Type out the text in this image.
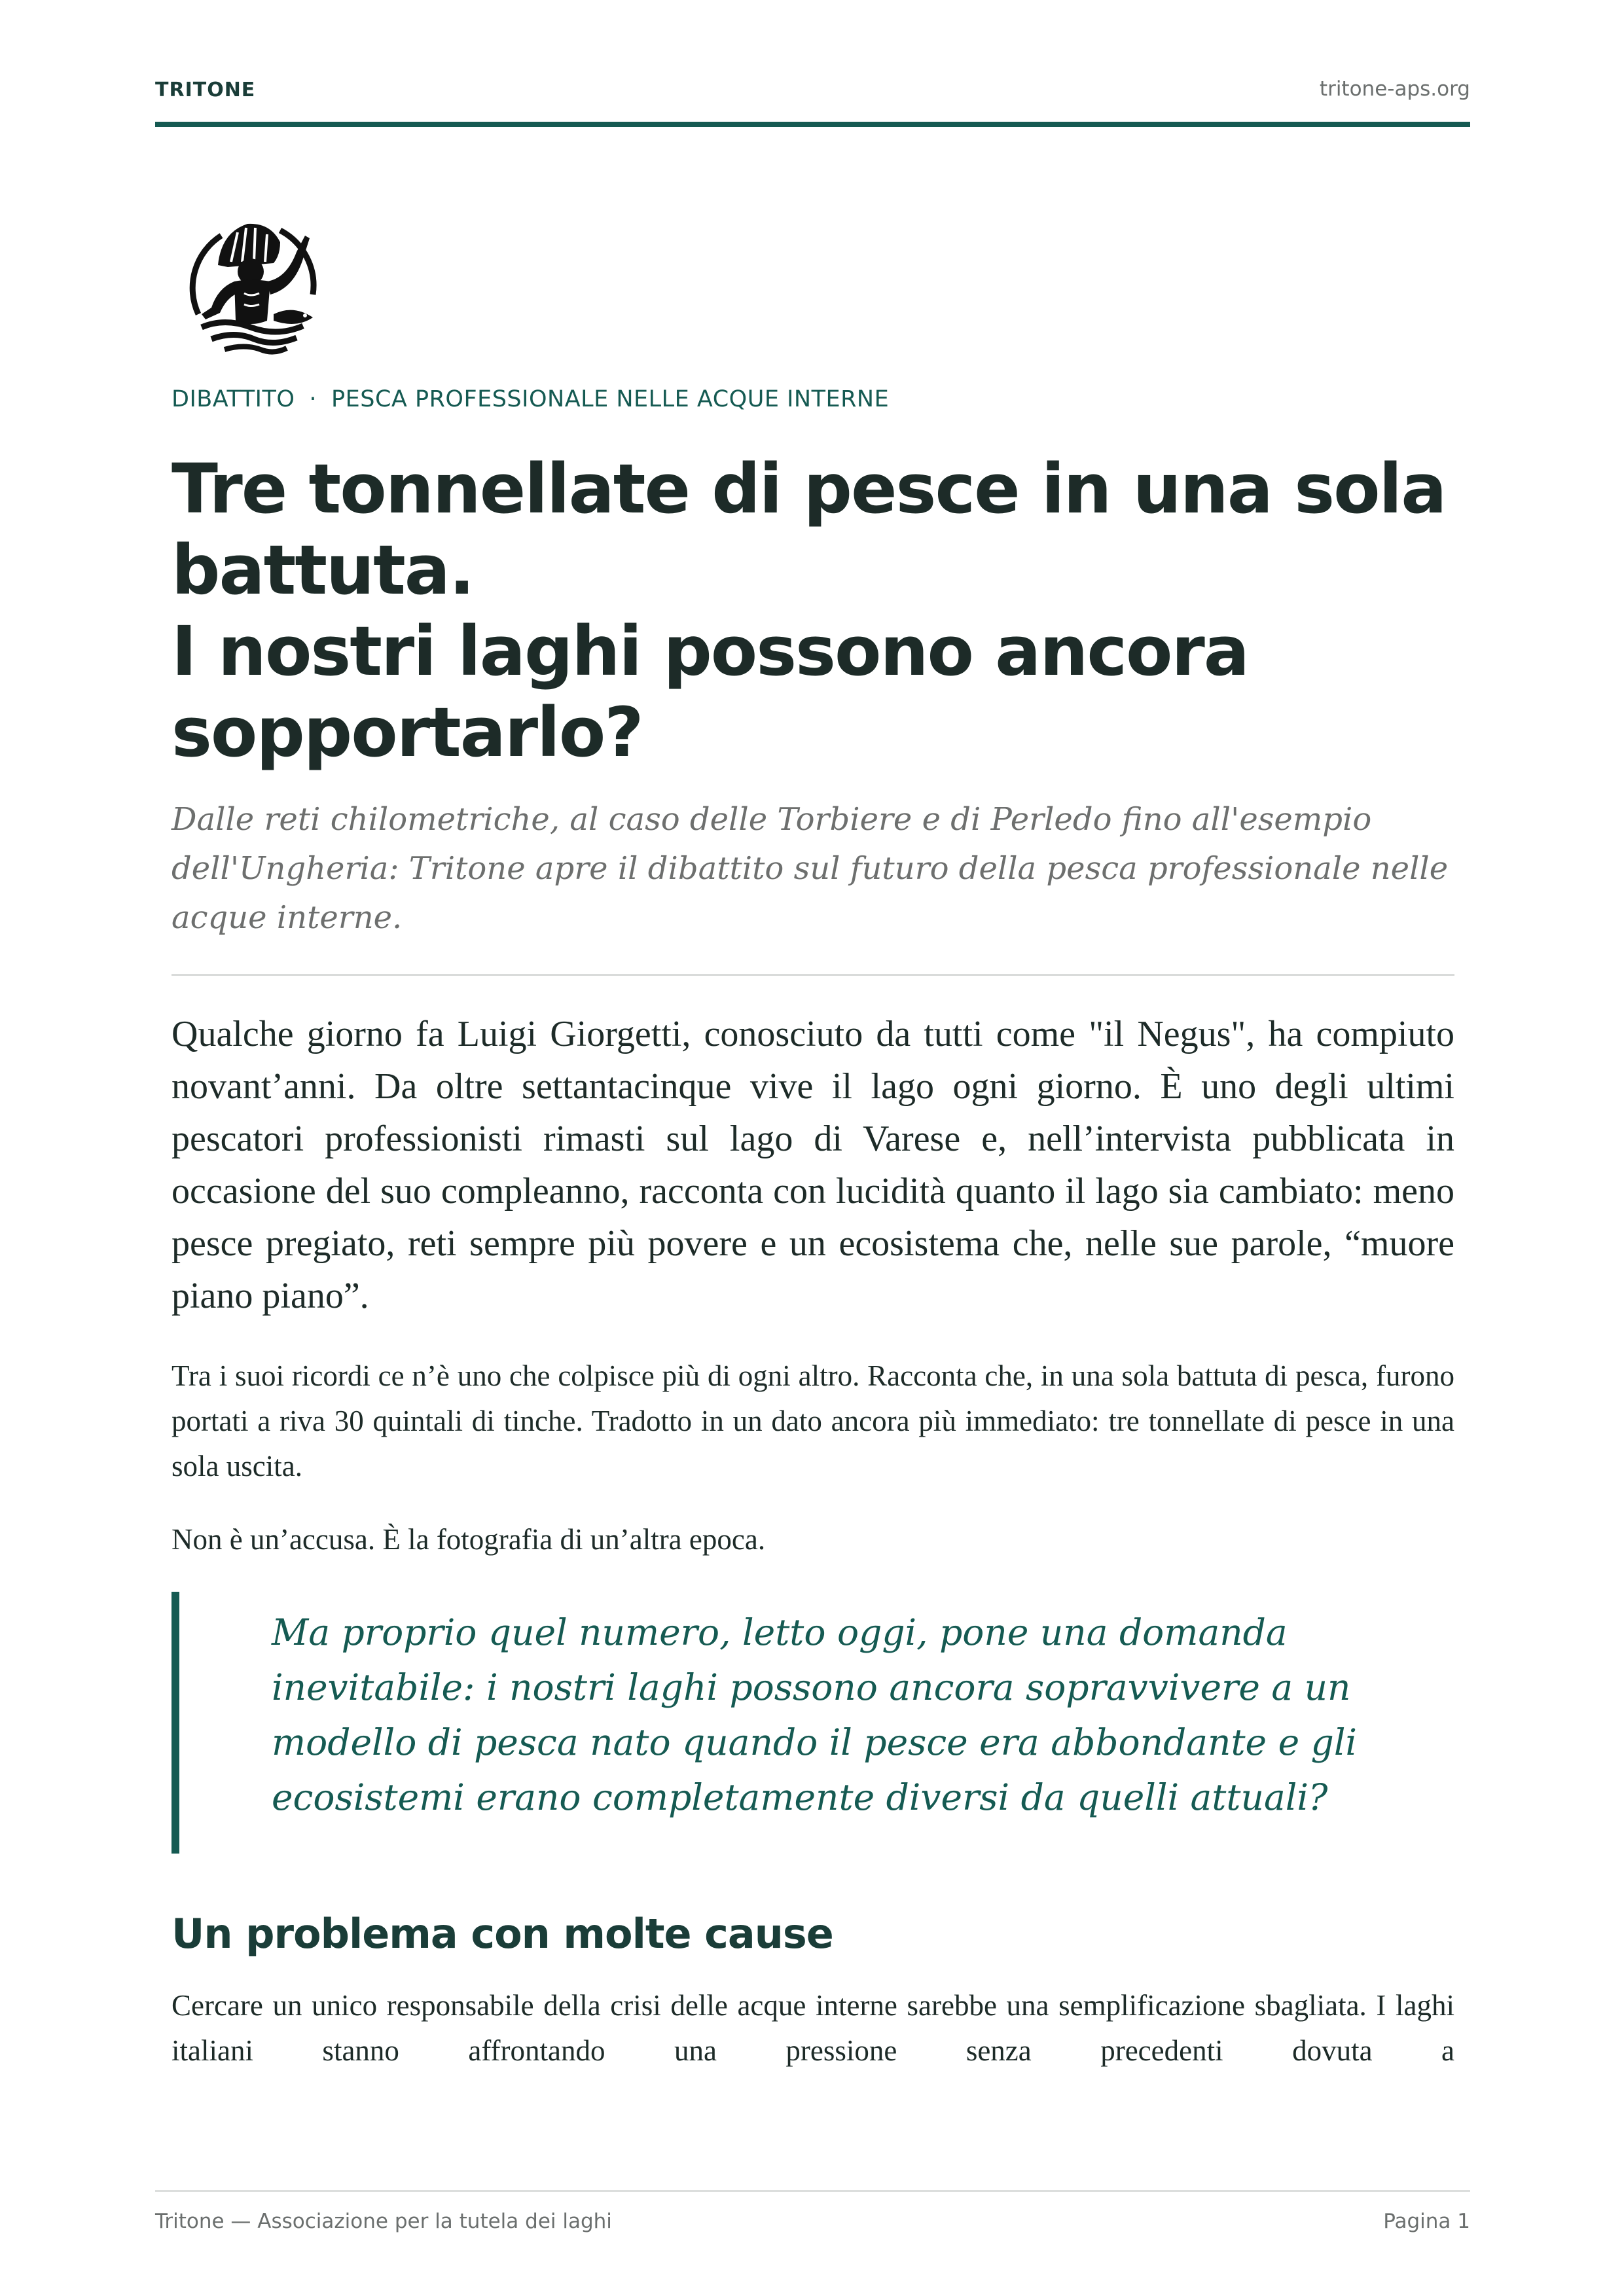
TRITONE	tritone-aps.org
DIBATTITO · PESCA PROFESSIONALE NELLE ACQUE INTERNE
Tre tonnellate di pesce in una sola battuta.
I nostri laghi possono ancora sopportarlo?

Dalle reti chilometriche, al caso delle Torbiere e di Perledo fino all'esempio dell'Ungheria: Tritone apre il dibattito sul futuro della pesca professionale nelle acque interne.

Qualche giorno fa Luigi Giorgetti, conosciuto da tutti come "il Negus", ha compiuto novant’anni. Da oltre settantacinque vive il lago ogni giorno. È uno degli ultimi pescatori professionisti rimasti sul lago di Varese e, nell’intervista pubblicata in occasione del suo compleanno, racconta con lucidità quanto il lago sia cambiato: meno pesce pregiato, reti sempre più povere e un ecosistema che, nelle sue parole, “muore piano piano”.

Tra i suoi ricordi ce n’è uno che colpisce più di ogni altro. Racconta che, in una sola battuta di pesca, furono portati a riva 30 quintali di tinche. Tradotto in un dato ancora più immediato: tre tonnellate di pesce in una sola uscita.

Non è un’accusa. È la fotografia di un’altra epoca.

Ma proprio quel numero, letto oggi, pone una domanda inevitabile: i nostri laghi possono ancora sopravvivere a un modello di pesca nato quando il pesce era abbondante e gli ecosistemi erano completamente diversi da quelli attuali?

Un problema con molte cause

Cercare un unico responsabile della crisi delle acque interne sarebbe una semplificazione sbagliata. I laghi italiani stanno affrontando una pressione senza precedenti dovuta a

Tritone — Associazione per la tutela dei laghi	Pagina 1
